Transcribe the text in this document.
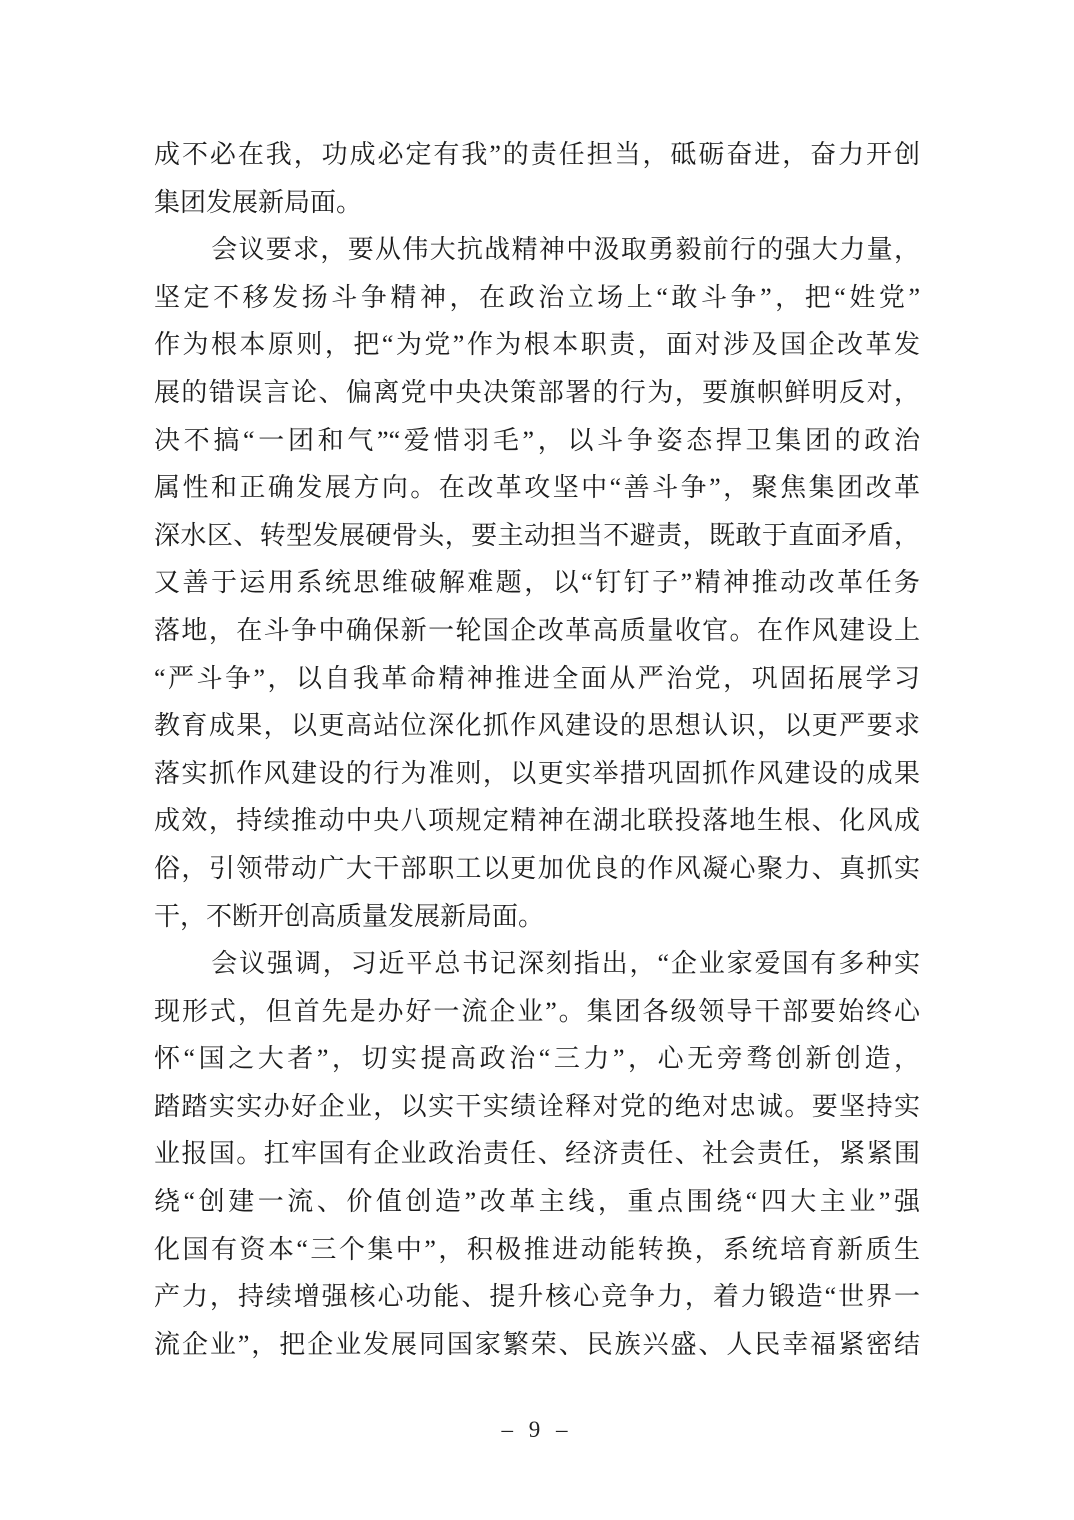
成不必在我，功成必定有我”的责任担当，砥砺奋进，奋力开创
集团发展新局面。
会议要求，要从伟大抗战精神中汲取勇毅前行的强大力量，
坚定不移发扬斗争精神，在政治立场上“敢斗争”，把“姓党”
作为根本原则，把“为党”作为根本职责，面对涉及国企改革发
展的错误言论、偏离党中央决策部署的行为，要旗帜鲜明反对，
决不搞“一团和气”“爱惜羽毛”，以斗争姿态捍卫集团的政治
属性和正确发展方向。在改革攻坚中“善斗争”，聚焦集团改革
深水区、转型发展硬骨头，要主动担当不避责，既敢于直面矛盾，
又善于运用系统思维破解难题，以“钉钉子”精神推动改革任务
落地，在斗争中确保新一轮国企改革高质量收官。在作风建设上
“严斗争”，以自我革命精神推进全面从严治党，巩固拓展学习
教育成果，以更高站位深化抓作风建设的思想认识，以更严要求
落实抓作风建设的行为准则，以更实举措巩固抓作风建设的成果
成效，持续推动中央八项规定精神在湖北联投落地生根、化风成
俗，引领带动广大干部职工以更加优良的作风凝心聚力、真抓实
干，不断开创高质量发展新局面。
会议强调，习近平总书记深刻指出，“企业家爱国有多种实
现形式，但首先是办好一流企业”。集团各级领导干部要始终心
怀“国之大者”，切实提高政治“三力”，心无旁骛创新创造，
踏踏实实办好企业，以实干实绩诠释对党的绝对忠诚。要坚持实
业报国。扛牢国有企业政治责任、经济责任、社会责任，紧紧围
绕“创建一流、价值创造”改革主线，重点围绕“四大主业”强
化国有资本“三个集中”，积极推进动能转换，系统培育新质生
产力，持续增强核心功能、提升核心竞争力，着力锻造“世界一
流企业”，把企业发展同国家繁荣、民族兴盛、人民幸福紧密结
– 9 –
